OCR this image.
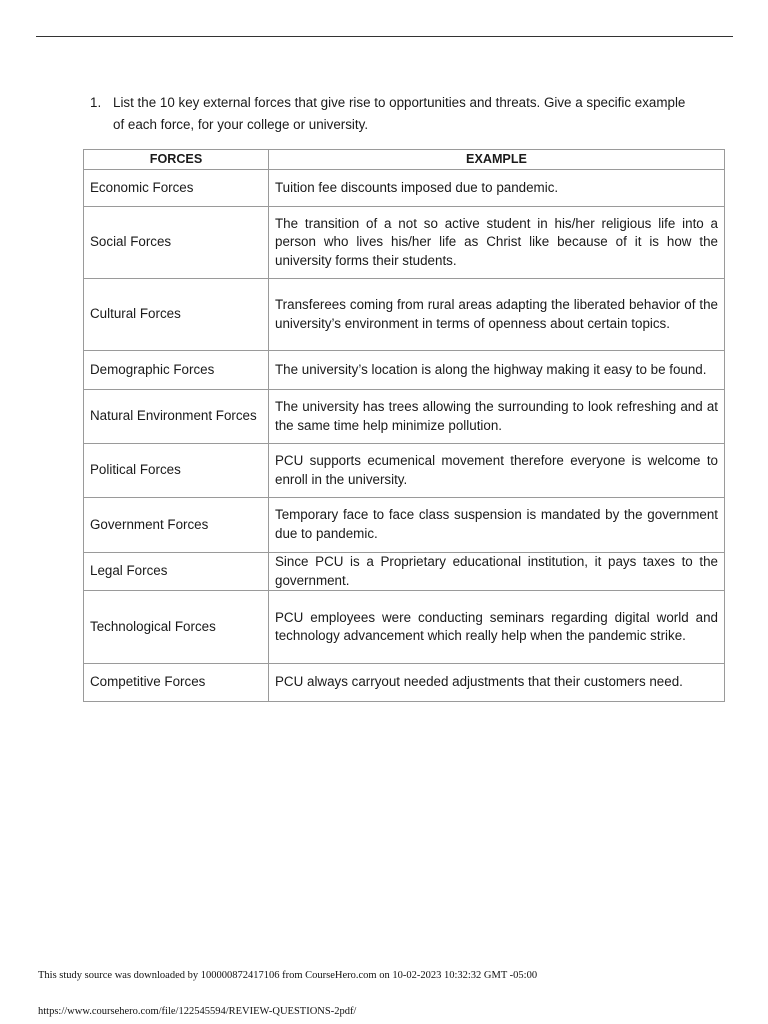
1. List the 10 key external forces that give rise to opportunities and threats. Give a specific example of each force, for your college or university.
FORCES	EXAMPLE
Economic Forces	Tuition fee discounts imposed due to pandemic.
Social Forces	The transition of a not so active student in his/her religious life into a person who lives his/her life as Christ like because of it is how the university forms their students.
Cultural Forces	Transferees coming from rural areas adapting the liberated behavior of the university’s environment in terms of openness about certain topics.
Demographic Forces	The university’s location is along the highway making it easy to be found.
Natural Environment Forces	The university has trees allowing the surrounding to look refreshing and at the same time help minimize pollution.
Political Forces	PCU supports ecumenical movement therefore everyone is welcome to enroll in the university.
Government Forces	Temporary face to face class suspension is mandated by the government due to pandemic.
Legal Forces	Since PCU is a Proprietary educational institution, it pays taxes to the government.
Technological Forces	PCU employees were conducting seminars regarding digital world and technology advancement which really help when the pandemic strike.
Competitive Forces	PCU always carryout needed adjustments that their customers need.
This study source was downloaded by 100000872417106 from CourseHero.com on 10-02-2023 10:32:32 GMT -05:00
https://www.coursehero.com/file/122545594/REVIEW-QUESTIONS-2pdf/
